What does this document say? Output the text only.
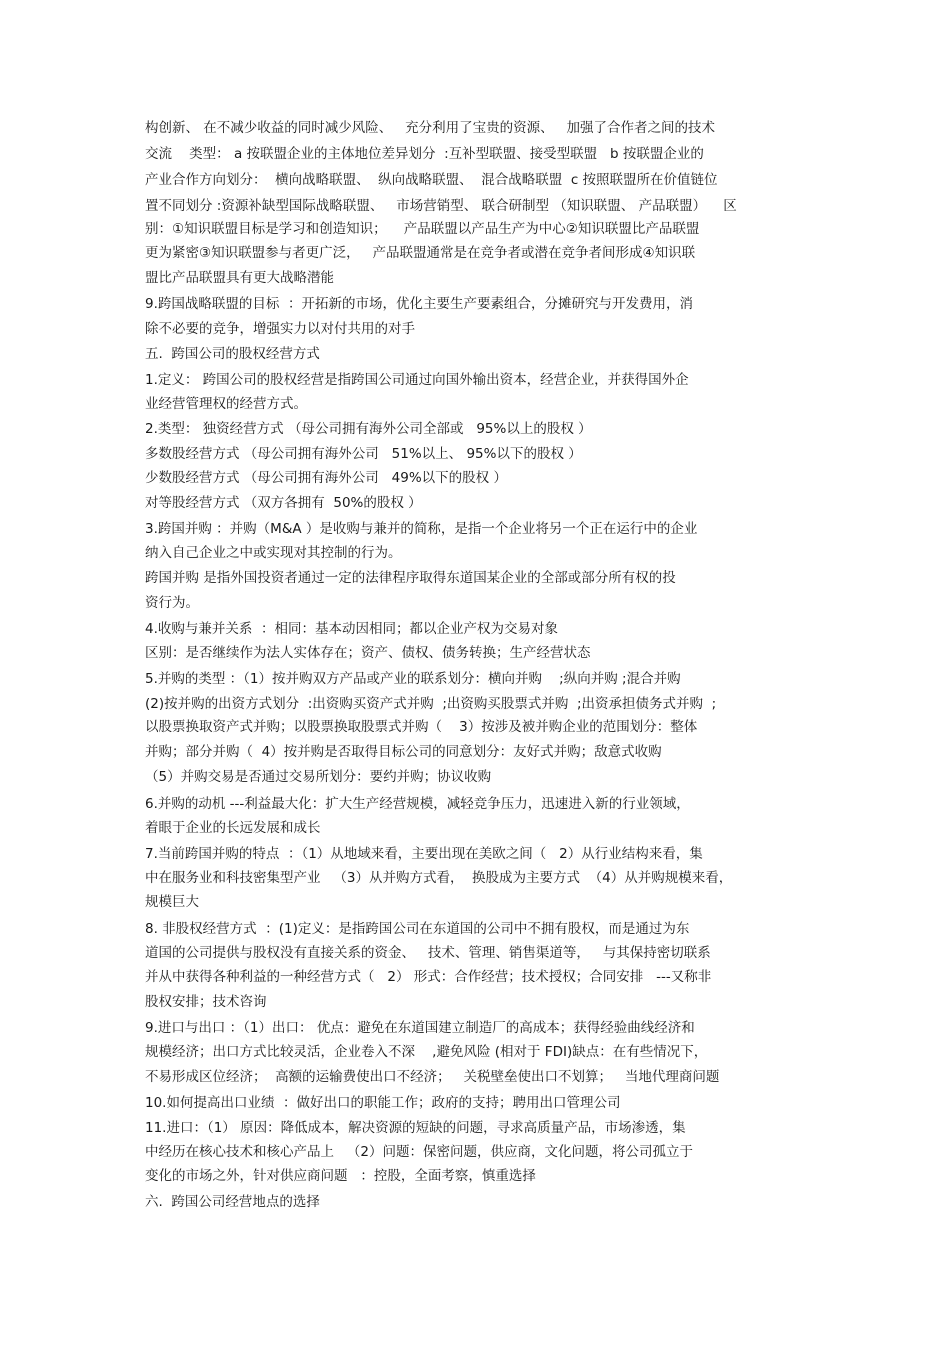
构创新、 在不减少收益的同时减少风险、   充分利用了宝贵的资源、   加强了合作者之间的技术
交流    类型： a 按联盟企业的主体地位差异划分  :互补型联盟、接受型联盟   b 按联盟企业的
产业合作方向划分：  横向战略联盟、  纵向战略联盟、  混合战略联盟  c 按照联盟所在价值链位
置不同划分 :资源补缺型国际战略联盟、   市场营销型、 联合研制型 （知识联盟、 产品联盟）    区
别：①知识联盟目标是学习和创造知识；    产品联盟以产品生产为中心②知识联盟比产品联盟
更为紧密③知识联盟参与者更广泛，   产品联盟通常是在竞争者或潜在竞争者间形成④知识联
盟比产品联盟具有更大战略潜能
9.跨国战略联盟的目标  ：开拓新的市场，优化主要生产要素组合，分摊研究与开发费用，消
除不必要的竞争，增强实力以对付共用的对手
五.  跨国公司的股权经营方式
1.定义： 跨国公司的股权经营是指跨国公司通过向国外输出资本，经营企业，并获得国外企
业经营管理权的经营方式。
2.类型： 独资经营方式 （母公司拥有海外公司全部或   95%以上的股权 ）
多数股经营方式 （母公司拥有海外公司   51%以上、 95%以下的股权 ）
少数股经营方式 （母公司拥有海外公司   49%以下的股权 ）
对等股经营方式 （双方各拥有  50%的股权 ）
3.跨国并购 ：并购（M&A ）是收购与兼并的简称，是指一个企业将另一个正在运行中的企业
纳入自己企业之中或实现对其控制的行为。
跨国并购 是指外国投资者通过一定的法律程序取得东道国某企业的全部或部分所有权的投
资行为。
4.收购与兼并关系  ：相同：基本动因相同；都以企业产权为交易对象
区别：是否继续作为法人实体存在；资产、债权、债务转换；生产经营状态
5.并购的类型 ：（1）按并购双方产品或产业的联系划分：横向并购    ;纵向并购 ;混合并购
(2)按并购的出资方式划分  :出资购买资产式并购  ;出资购买股票式并购  ;出资承担债务式并购  ;
以股票换取资产式并购；以股票换取股票式并购（    3）按涉及被并购企业的范围划分：整体
并购；部分并购（  4）按并购是否取得目标公司的同意划分：友好式并购；敌意式收购
（5）并购交易是否通过交易所划分：要约并购；协议收购
6.并购的动机 ---利益最大化：扩大生产经营规模，减轻竞争压力，迅速进入新的行业领域，
着眼于企业的长远发展和成长
7.当前跨国并购的特点  ：（1）从地域来看，主要出现在美欧之间（   2）从行业结构来看，集
中在服务业和科技密集型产业   （3）从并购方式看，  换股成为主要方式  （4）从并购规模来看，
规模巨大
8. 非股权经营方式  ：(1)定义：是指跨国公司在东道国的公司中不拥有股权，而是通过为东
道国的公司提供与股权没有直接关系的资金、   技术、管理、销售渠道等，   与其保持密切联系
并从中获得各种利益的一种经营方式（   2） 形式：合作经营；技术授权；合同安排   ---又称非
股权安排；技术咨询
9.进口与出口 ：（1）出口： 优点：避免在东道国建立制造厂的高成本；获得经验曲线经济和
规模经济；出口方式比较灵活，企业卷入不深    ,避免风险 (相对于 FDI)缺点：在有些情况下，
不易形成区位经济；  高额的运输费使出口不经济；   关税壁垒使出口不划算；   当地代理商问题
10.如何提高出口业绩  ：做好出口的职能工作；政府的支持；聘用出口管理公司
11.进口：（1） 原因：降低成本，解决资源的短缺的问题，寻求高质量产品，市场渗透，集
中经历在核心技术和核心产品上   （2）问题：保密问题，供应商，文化问题，将公司孤立于
变化的市场之外，针对供应商问题   ：控股，全面考察，慎重选择
六.  跨国公司经营地点的选择
